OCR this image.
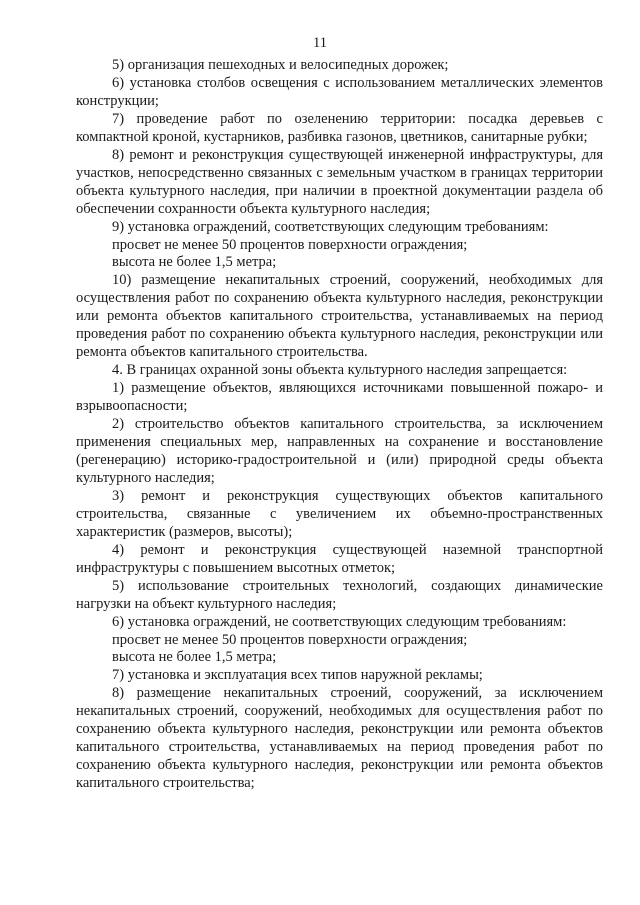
11

5) организация пешеходных и велосипедных дорожек;

6) установка столбов освещения с использованием металлических элементов конструкции;

7) проведение работ по озеленению территории: посадка деревьев с компактной кроной, кустарников, разбивка газонов, цветников, санитарные рубки;

8) ремонт и реконструкция существующей инженерной инфраструктуры, для участков, непосредственно связанных с земельным участком в границах территории объекта культурного наследия, при наличии в проектной документации раздела об обеспечении сохранности объекта культурного наследия;

9) установка ограждений, соответствующих следующим требованиям:

просвет не менее 50 процентов поверхности ограждения;

высота не более 1,5 метра;

10) размещение некапитальных строений, сооружений, необходимых для осуществления работ по сохранению объекта культурного наследия, реконструкции или ремонта объектов капитального строительства, устанавливаемых на период проведения работ по сохранению объекта культурного наследия, реконструкции или ремонта объектов капитального строительства.

4. В границах охранной зоны объекта культурного наследия запрещается:

1) размещение объектов, являющихся источниками повышенной пожаро- и взрывоопасности;

2) строительство объектов капитального строительства, за исключением применения специальных мер, направленных на сохранение и восстановление (регенерацию) историко-градостроительной и (или) природной среды объекта культурного наследия;

3) ремонт и реконструкция существующих объектов капитального строительства, связанные с увеличением их объемно-пространственных характеристик (размеров, высоты);

4) ремонт и реконструкция существующей наземной транспортной инфраструктуры с повышением высотных отметок;

5) использование строительных технологий, создающих динамические нагрузки на объект культурного наследия;

6) установка ограждений, не соответствующих следующим требованиям:

просвет не менее 50 процентов поверхности ограждения;

высота не более 1,5 метра;

7) установка и эксплуатация всех типов наружной рекламы;

8) размещение некапитальных строений, сооружений, за исключением некапитальных строений, сооружений, необходимых для осуществления работ по сохранению объекта культурного наследия, реконструкции или ремонта объектов капитального строительства, устанавливаемых на период проведения работ по сохранению объекта культурного наследия, реконструкции или ремонта объектов капитального строительства;
